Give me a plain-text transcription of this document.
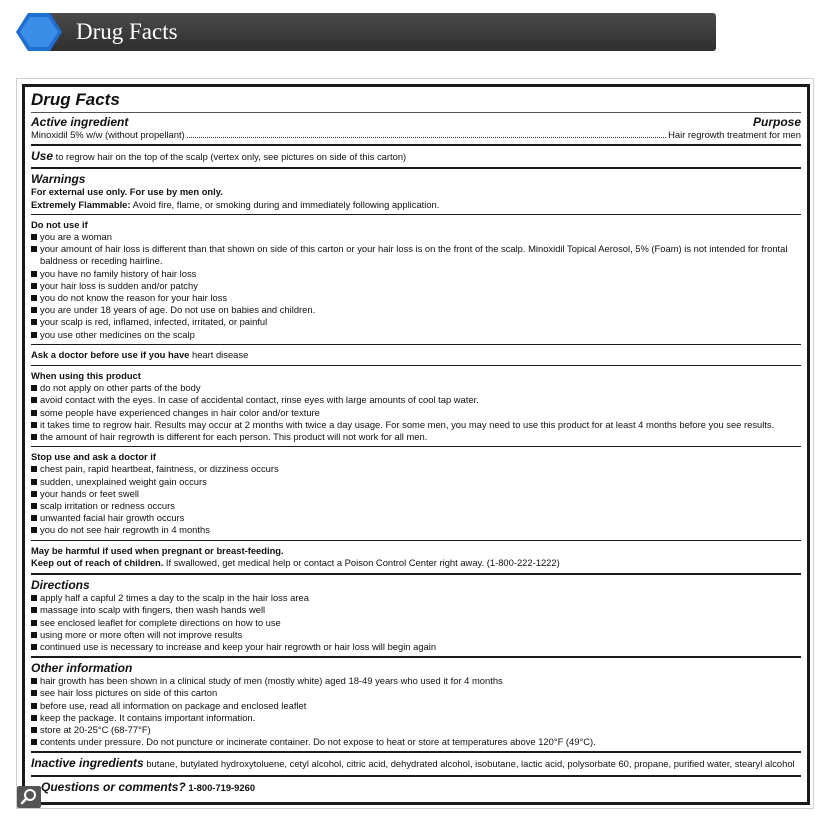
Drug Facts
Drug Facts
Active ingredient	Purpose
Minoxidil 5% w/w (without propellant)	Hair regrowth treatment for men
Use to regrow hair on the top of the scalp (vertex only, see pictures on side of this carton)
Warnings
For external use only. For use by men only.
Extremely Flammable: Avoid fire, flame, or smoking during and immediately following application.
Do not use if
you are a woman
your amount of hair loss is different than that shown on side of this carton or your hair loss is on the front of the scalp. Minoxidil Topical Aerosol, 5% (Foam) is not intended for frontal baldness or receding hairline.
you have no family history of hair loss
your hair loss is sudden and/or patchy
you do not know the reason for your hair loss
you are under 18 years of age. Do not use on babies and children.
your scalp is red, inflamed, infected, irritated, or painful
you use other medicines on the scalp
Ask a doctor before use if you have heart disease
When using this product
do not apply on other parts of the body
avoid contact with the eyes. In case of accidental contact, rinse eyes with large amounts of cool tap water.
some people have experienced changes in hair color and/or texture
it takes time to regrow hair. Results may occur at 2 months with twice a day usage. For some men, you may need to use this product for at least 4 months before you see results.
the amount of hair regrowth is different for each person. This product will not work for all men.
Stop use and ask a doctor if
chest pain, rapid heartbeat, faintness, or dizziness occurs
sudden, unexplained weight gain occurs
your hands or feet swell
scalp irritation or redness occurs
unwanted facial hair growth occurs
you do not see hair regrowth in 4 months
May be harmful if used when pregnant or breast-feeding.
Keep out of reach of children. If swallowed, get medical help or contact a Poison Control Center right away. (1-800-222-1222)
Directions
apply half a capful 2 times a day to the scalp in the hair loss area
massage into scalp with fingers, then wash hands well
see enclosed leaflet for complete directions on how to use
using more or more often will not improve results
continued use is necessary to increase and keep your hair regrowth or hair loss will begin again
Other information
hair growth has been shown in a clinical study of men (mostly white) aged 18-49 years who used it for 4 months
see hair loss pictures on side of this carton
before use, read all information on package and enclosed leaflet
keep the package. It contains important information.
store at 20-25°C (68-77°F)
contents under pressure. Do not puncture or incinerate container. Do not expose to heat or store at temperatures above 120°F (49°C).
Inactive ingredients butane, butylated hydroxytoluene, cetyl alcohol, citric acid, dehydrated alcohol, isobutane, lactic acid, polysorbate 60, propane, purified water, stearyl alcohol
Questions or comments? 1-800-719-9260
